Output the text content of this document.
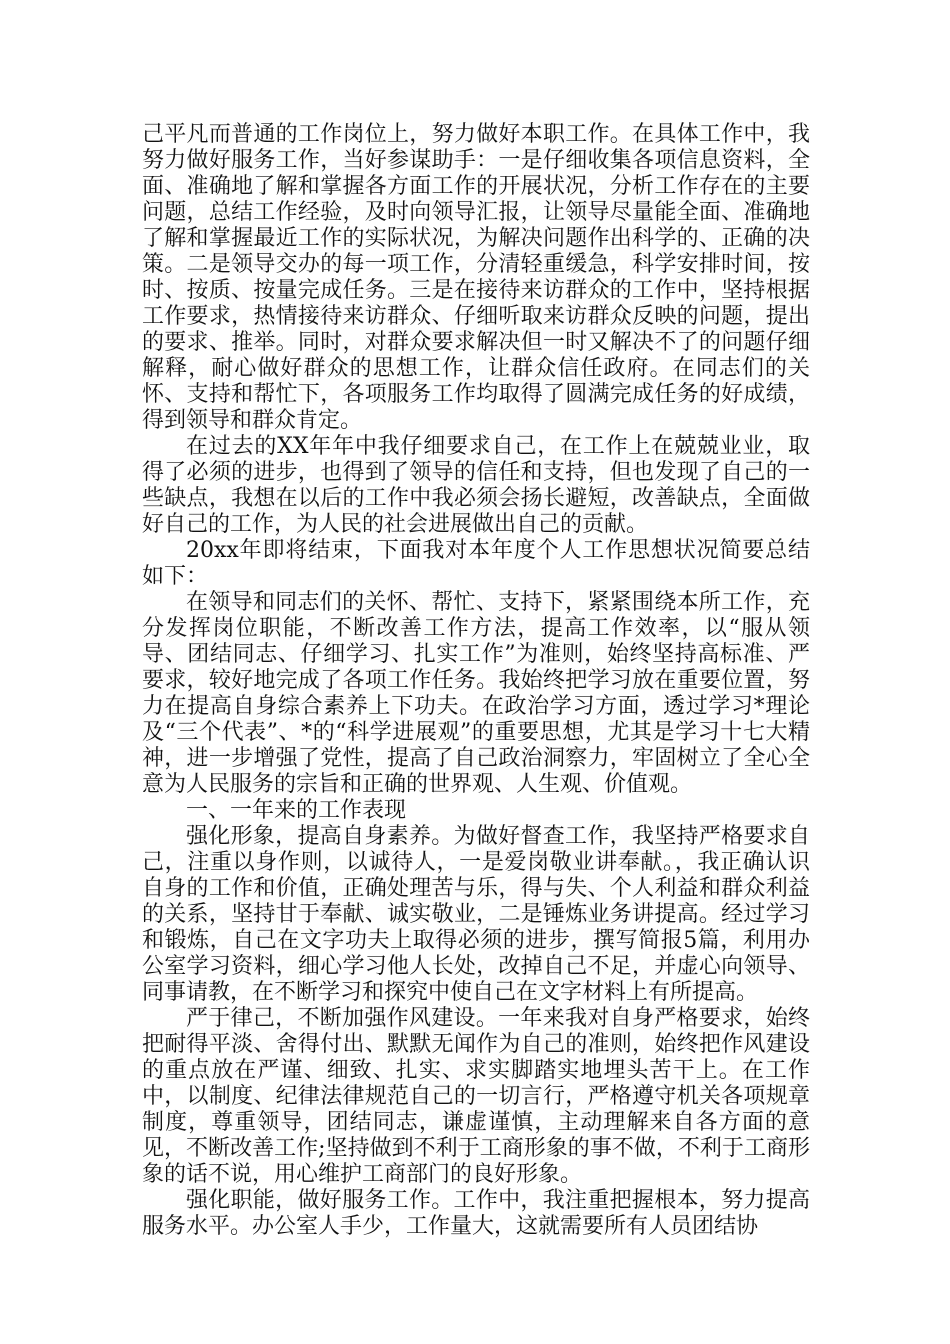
己平凡而普通的工作岗位上，努力做好本职工作。在具体工作中，我努力做好服务工作，当好参谋助手：一是仔细收集各项信息资料，全面、准确地了解和掌握各方面工作的开展状况，分析工作存在的主要问题，总结工作经验，及时向领导汇报，让领导尽量能全面、准确地了解和掌握最近工作的实际状况，为解决问题作出科学的、正确的决策。二是领导交办的每一项工作，分清轻重缓急，科学安排时间，按时、按质、按量完成任务。三是在接待来访群众的工作中，坚持根据工作要求，热情接待来访群众、仔细听取来访群众反映的问题，提出的要求、推举。同时，对群众要求解决但一时又解决不了的问题仔细解释，耐心做好群众的思想工作，让群众信任政府。在同志们的关怀、支持和帮忙下，各项服务工作均取得了圆满完成任务的好成绩，得到领导和群众肯定。

在过去的XX年年中我仔细要求自己，在工作上在兢兢业业，取得了必须的进步，也得到了领导的信任和支持，但也发现了自己的一些缺点，我想在以后的工作中我必须会扬长避短，改善缺点，全面做好自己的工作，为人民的社会进展做出自己的贡献。

20xx年即将结束，下面我对本年度个人工作思想状况简要总结如下：

在领导和同志们的关怀、帮忙、支持下，紧紧围绕本所工作，充分发挥岗位职能，不断改善工作方法，提高工作效率，以“服从领导、团结同志、仔细学习、扎实工作”为准则，始终坚持高标准、严要求，较好地完成了各项工作任务。我始终把学习放在重要位置，努力在提高自身综合素养上下功夫。在政治学习方面，透过学习*理论及“三个代表”、*的“科学进展观”的重要思想，尤其是学习十七大精神，进一步增强了党性，提高了自己政治洞察力，牢固树立了全心全意为人民服务的宗旨和正确的世界观、人生观、价值观。

一、一年来的工作表现

强化形象，提高自身素养。为做好督查工作，我坚持严格要求自己，注重以身作则，以诚待人，一是爱岗敬业讲奉献。，我正确认识自身的工作和价值，正确处理苦与乐，得与失、个人利益和群众利益的关系，坚持甘于奉献、诚实敬业，二是锤炼业务讲提高。经过学习和锻炼，自己在文字功夫上取得必须的进步，撰写简报5篇，利用办公室学习资料，细心学习他人长处，改掉自己不足，并虚心向领导、同事请教，在不断学习和探究中使自己在文字材料上有所提高。

严于律己，不断加强作风建设。一年来我对自身严格要求，始终把耐得平淡、舍得付出、默默无闻作为自己的准则，始终把作风建设的重点放在严谨、细致、扎实、求实脚踏实地埋头苦干上。在工作中，以制度、纪律法律规范自己的一切言行，严格遵守机关各项规章制度，尊重领导，团结同志，谦虚谨慎，主动理解来自各方面的意见，不断改善工作;坚持做到不利于工商形象的事不做，不利于工商形象的话不说，用心维护工商部门的良好形象。

强化职能，做好服务工作。工作中，我注重把握根本，努力提高服务水平。办公室人手少，工作量大，这就需要所有人员团结协
